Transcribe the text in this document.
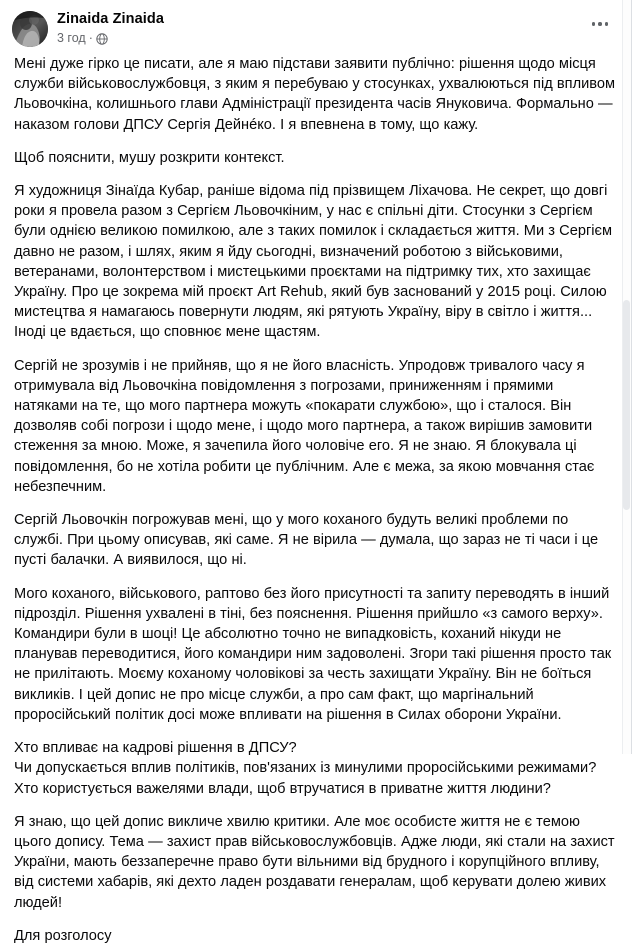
Zinaida Zinaida
3 год ·

Мені дуже гірко це писати, але я маю підстави заявити публічно: рішення щодо місця служби військовослужбовця, з яким я перебуваю у стосунках, ухвалюються під впливом Льовочкіна, колишнього глави Адміністрації президента часів Януковича. Формально — наказом голови ДПСУ Сергія Дейнéко. І я впевнена в тому, що кажу.

Щоб пояснити, мушу розкрити контекст.

Я художниця Зінаїда Кубар, раніше відома під прізвищем Ліхачова. Не секрет, що довгі роки я провела разом з Сергієм Льовочкіним, у нас є спільні діти. Стосунки з Сергієм були однією великою помилкою, але з таких помилок і складається життя. Ми з Сергієм давно не разом, і шлях, яким я йду сьогодні, визначений роботою з військовими, ветеранами, волонтерством і мистецькими проєктами на підтримку тих, хто захищає Україну. Про це зокрема мій проєкт Art Rehub, який був заснований у 2015 році. Силою мистецтва я намагаюсь повернути людям, які рятують Україну, віру в світло і життя... Іноді це вдається, що сповнює мене щастям.

Сергій не зрозумів і не прийняв, що я не його власність. Упродовж тривалого часу я отримувала від Льовочкіна повідомлення з погрозами, приниженням і прямими натяками на те, що мого партнера можуть «покарати службою», що і сталося. Він дозволяв собі погрози і щодо мене, і щодо мого партнера, а також вирішив замовити стеження за мною. Може, я зачепила його чоловіче его. Я не знаю. Я блокувала ці повідомлення, бо не хотіла робити це публічним. Але є межа, за якою мовчання стає небезпечним.

Сергій Льовочкін погрожував мені, що у мого коханого будуть великі проблеми по службі. При цьому описував, які саме. Я не вірила — думала, що зараз не ті часи і це пусті балачки. А виявилося, що ні.

Мого коханого, військового, раптово без його присутності та запиту переводять в інший підрозділ. Рішення ухвалені в тіні, без пояснення. Рішення прийшло «з самого верху». Командири були в шоці! Це абсолютно точно не випадковість, коханий нікуди не планував переводитися, його командири ним задоволені. Згори такі рішення просто так не прилітають. Моєму коханому чоловікові за честь захищати Україну. Він не боїться викликів. І цей допис не про місце служби, а про сам факт, що маргінальний проросійський політик досі може впливати на рішення в Силах оборони України.

Хто впливає на кадрові рішення в ДПСУ?

Чи допускається вплив політиків, пов'язаних із минулими проросійськими режимами?

Хто користується важелями влади, щоб втручатися в приватне життя людини?

Я знаю, що цей допис викличе хвилю критики. Але моє особисте життя не є темою цього допису. Тема — захист прав військовослужбовців. Адже люди, які стали на захист України, мають беззаперечне право бути вільними від брудного і корупційного впливу, від системи хабарів, які дехто ладен роздавати генералам, щоб керувати долею живих людей!

Для розголосу
